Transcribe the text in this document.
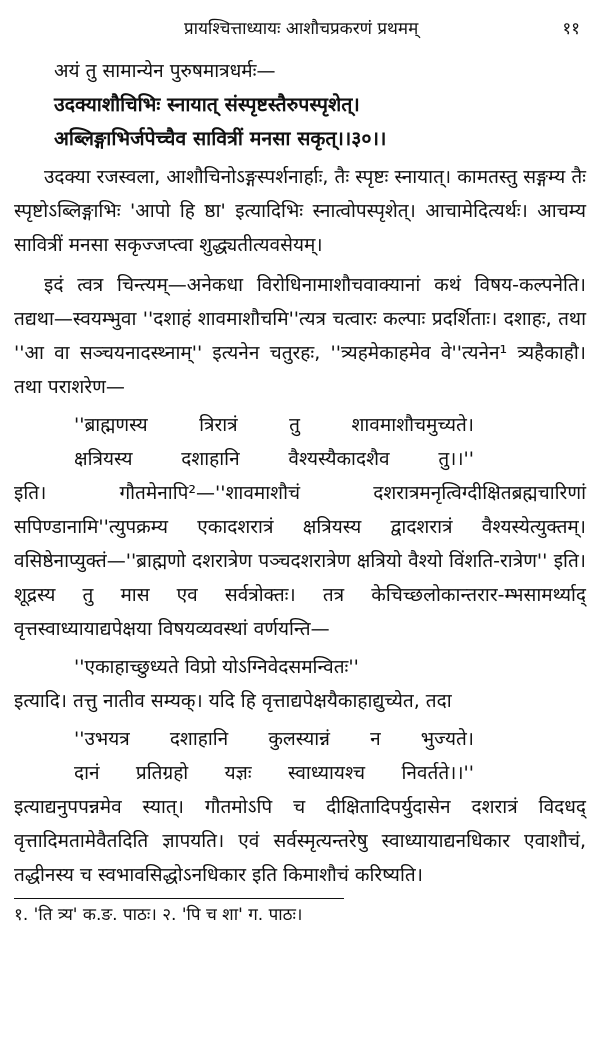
प्रायश्चित्ताध्यायः आशौचप्रकरणं प्रथमम्	११

अयं तु सामान्येन पुरुषमात्रधर्मः—

उदक्याशौचिभिः स्नायात् संस्पृष्टस्तैरुपस्पृशेत्।

अब्लिङ्गाभिर्जपेच्चैव सावित्रीं मनसा सकृत्।।३०।।

उदक्या रजस्वला, आशौचिनोऽङ्गस्पर्शनार्हाः, तैः स्पृष्टः स्नायात्। कामतस्तु सङ्गम्य तैः स्पृष्टोऽब्लिङ्गाभिः 'आपो हि ष्ठा' इत्यादिभिः स्नात्वोपस्पृशेत्। आचामेदित्यर्थः। आचम्य सावित्रीं मनसा सकृज्जप्त्वा शुद्ध्यतीत्यवसेयम्।

इदं त्वत्र चिन्त्यम्—अनेकधा विरोधिनामाशौचवाक्यानां कथं विषय-कल्पनेति। तद्यथा—स्वयम्भुवा ''दशाहं शावमाशौचमि''त्यत्र चत्वारः कल्पाः प्रदर्शिताः। दशाहः, तथा ''आ वा सञ्चयनादस्थ्नाम्'' इत्यनेन चतुरहः, ''त्र्यहमेकाहमेव वे''त्यनेन¹ त्र्यहैकाहौ। तथा पराशरेण—

''ब्राह्मणस्य त्रिरात्रं तु शावमाशौचमुच्यते।
क्षत्रियस्य दशाहानि वैश्यस्यैकादशैव तु।।''

इति। गौतमेनापि²—''शावमाशौचं दशरात्रमनृत्विग्दीक्षितब्रह्मचारिणां सपिण्डानामि''त्युपक्रम्य एकादशरात्रं क्षत्रियस्य द्वादशरात्रं वैश्यस्येत्युक्तम्। वसिष्ठेनाप्युक्तं—''ब्राह्मणो दशरात्रेण पञ्चदशरात्रेण क्षत्रियो वैश्यो विंशति-रात्रेण'' इति। शूद्रस्य तु मास एव सर्वत्रोक्तः। तत्र केचिच्छलोकान्तरार-म्भसामर्थ्याद् वृत्तस्वाध्यायाद्यपेक्षया विषयव्यवस्थां वर्णयन्ति—

''एकाहाच्छुध्यते विप्रो योऽग्निवेदसमन्वितः''

इत्यादि। तत्तु नातीव सम्यक्। यदि हि वृत्ताद्यपेक्षयैकाहाद्युच्येत, तदा

''उभयत्र दशाहानि कुलस्यान्नं न भुज्यते।
दानं प्रतिग्रहो यज्ञः स्वाध्यायश्च निवर्तते।।''

इत्याद्यनुपपन्नमेव स्यात्। गौतमोऽपि च दीक्षितादिपर्युदासेन दशरात्रं विदधद् वृत्तादिमतामेवैतदिति ज्ञापयति। एवं सर्वस्मृत्यन्तरेषु स्वाध्यायाद्यनधिकार एवाशौचं, तद्धीनस्य च स्वभावसिद्धोऽनधिकार इति किमाशौचं करिष्यति।

१. 'ति त्र्य' क.ङ. पाठः। २. 'पि च शा' ग. पाठः।
